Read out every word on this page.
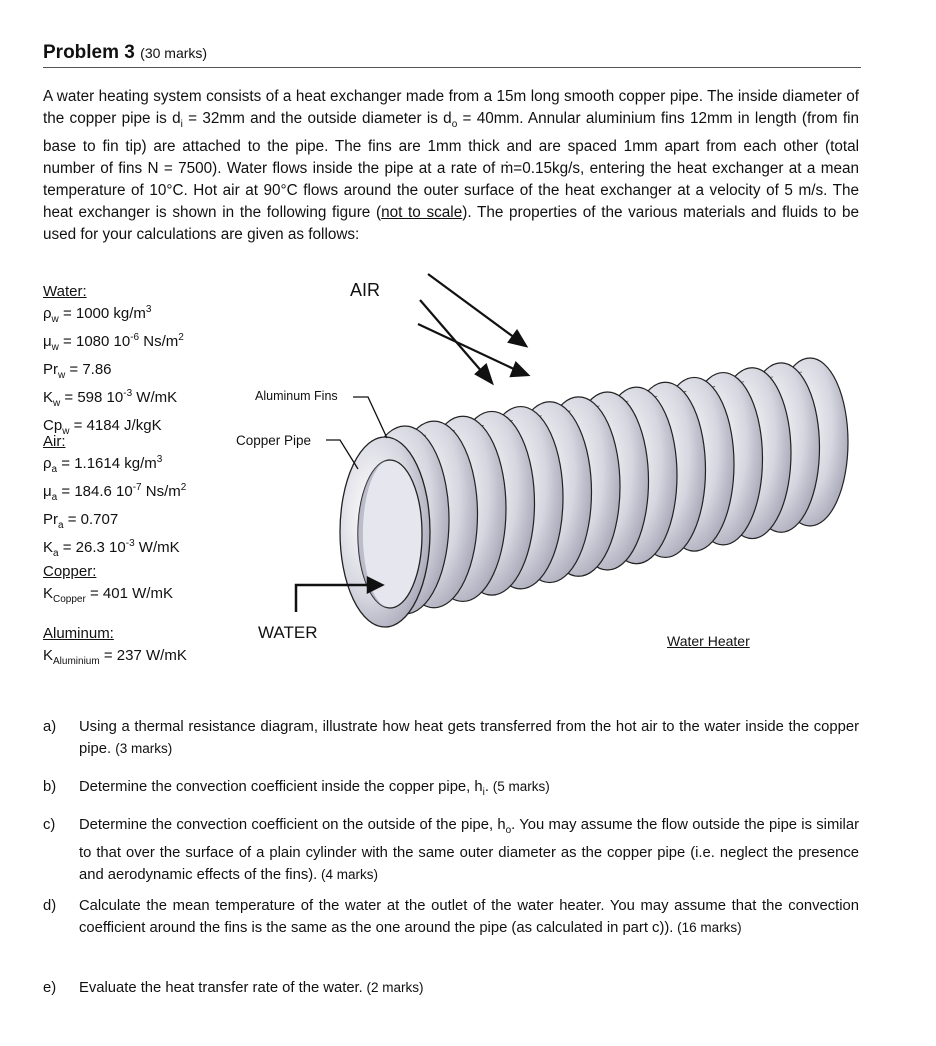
Problem 3 (30 marks)
A water heating system consists of a heat exchanger made from a 15m long smooth copper pipe. The inside diameter of the copper pipe is $d_i = 32mm$ and the outside diameter is $d_o = 40mm$. Annular aluminium fins 12mm in length (from fin base to fin tip) are attached to the pipe. The fins are 1mm thick and are spaced 1mm apart from each other (total number of fins N = 7500). Water flows inside the pipe at a rate of ṁ=0.15kg/s, entering the heat exchanger at a mean temperature of 10°C. Hot air at 90°C flows around the outer surface of the heat exchanger at a velocity of 5 m/s. The heat exchanger is shown in the following figure (not to scale). The properties of the various materials and fluids to be used for your calculations are given as follows:
Water:
$\rho_w = 1000$ $kg/m^3$
$\mu_w = 1080$ $10^{-6}$ $Ns/m^2$
$Pr_w = 7.86$
$K_w = 598$ $10^{-3}$ W/mK
$Cp_w = 4184$ J/kgK
Air:
$\rho_a = 1.1614$ $kg/m^3$
$\mu_a = 184.6$ $10^{-7}$ $Ns/m^2$
$Pr_a = 0.707$
$K_a = 26.3$ $10^{-3}$ W/mK
Copper:
$K_{Copper} = 401$ W/mK
Aluminum:
$K_{Aluminium} = 237$ W/mK
AIR
Aluminum Fins
Copper Pipe
WATER	Water Heater
a) Using a thermal resistance diagram, illustrate how heat gets transferred from the hot air to the water inside the copper pipe. (3 marks)
b) Determine the convection coefficient inside the copper pipe, $h_i$. (5 marks)
c) Determine the convection coefficient on the outside of the pipe, $h_o$. You may assume the flow outside the pipe is similar to that over the surface of a plain cylinder with the same outer diameter as the copper pipe (i.e. neglect the presence and aerodynamic effects of the fins). (4 marks)
d) Calculate the mean temperature of the water at the outlet of the water heater. You may assume that the convection coefficient around the fins is the same as the one around the pipe (as calculated in part c)). (16 marks)
e) Evaluate the heat transfer rate of the water. (2 marks)
